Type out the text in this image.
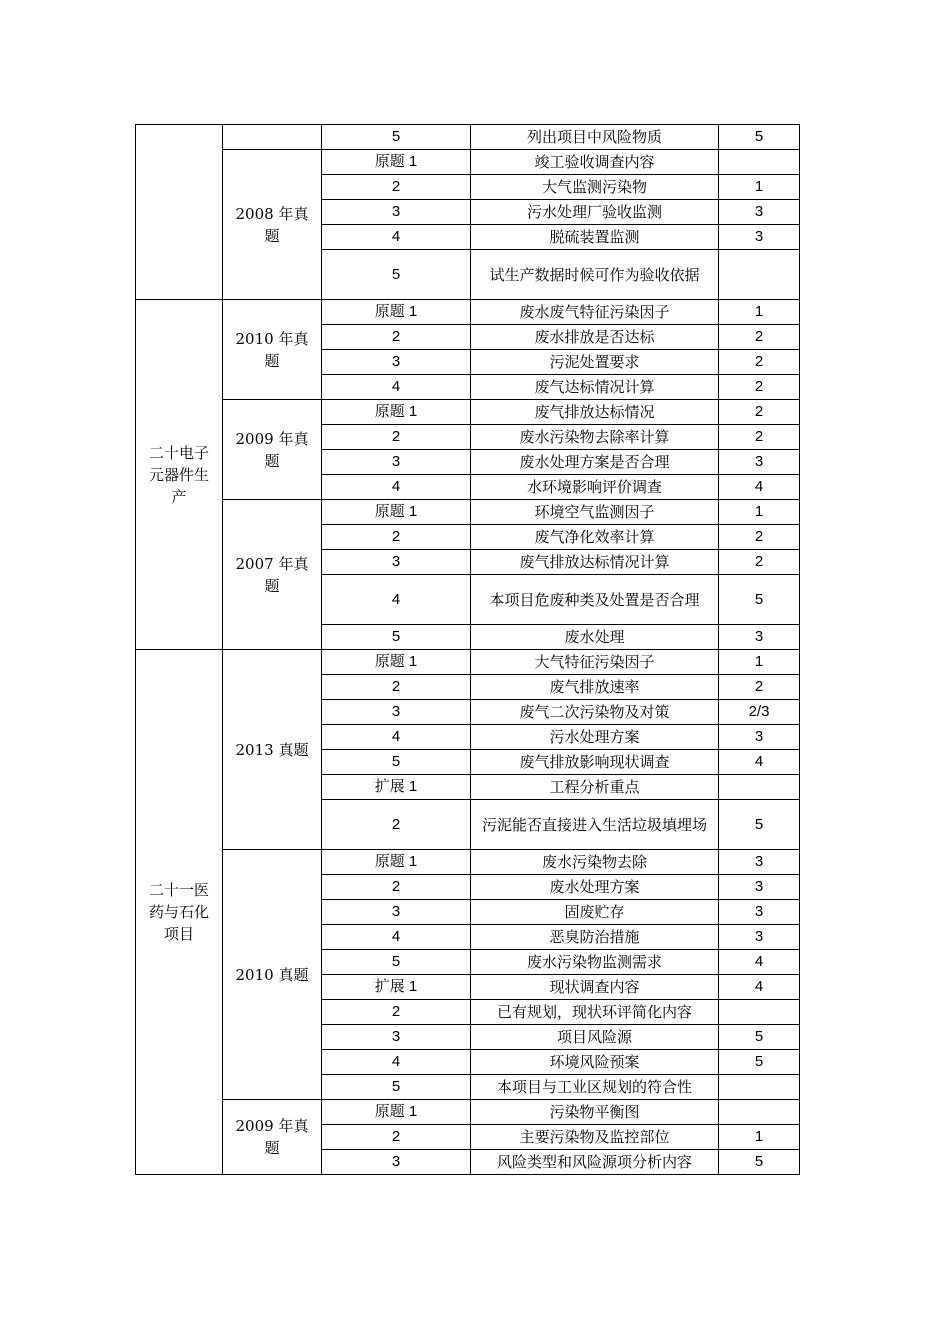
		5	列出项目中风险物质	5
	2008 年真题	原题 1	竣工验收调查内容	
		2	大气监测污染物	1
		3	污水处理厂验收监测	3
		4	脱硫装置监测	3
		5	试生产数据时候可作为验收依据	
二十电子元器件生产	2010 年真题	原题 1	废水废气特征污染因子	1
		2	废水排放是否达标	2
		3	污泥处置要求	2
		4	废气达标情况计算	2
	2009 年真题	原题 1	废气排放达标情况	2
		2	废水污染物去除率计算	2
		3	废水处理方案是否合理	3
		4	水环境影响评价调查	4
	2007 年真题	原题 1	环境空气监测因子	1
		2	废气净化效率计算	2
		3	废气排放达标情况计算	2
		4	本项目危废种类及处置是否合理	5
		5	废水处理	3
二十一医药与石化项目	2013 真题	原题 1	大气特征污染因子	1
		2	废气排放速率	2
		3	废气二次污染物及对策	2/3
		4	污水处理方案	3
		5	废气排放影响现状调查	4
		扩展 1	工程分析重点	
		2	污泥能否直接进入生活垃圾填埋场	5
	2010 真题	原题 1	废水污染物去除	3
		2	废水处理方案	3
		3	固废贮存	3
		4	恶臭防治措施	3
		5	废水污染物监测需求	4
		扩展 1	现状调查内容	4
		2	已有规划，现状环评简化内容	
		3	项目风险源	5
		4	环境风险预案	5
		5	本项目与工业区规划的符合性	
	2009 年真题	原题 1	污染物平衡图	
		2	主要污染物及监控部位	1
		3	风险类型和风险源项分析内容	5
